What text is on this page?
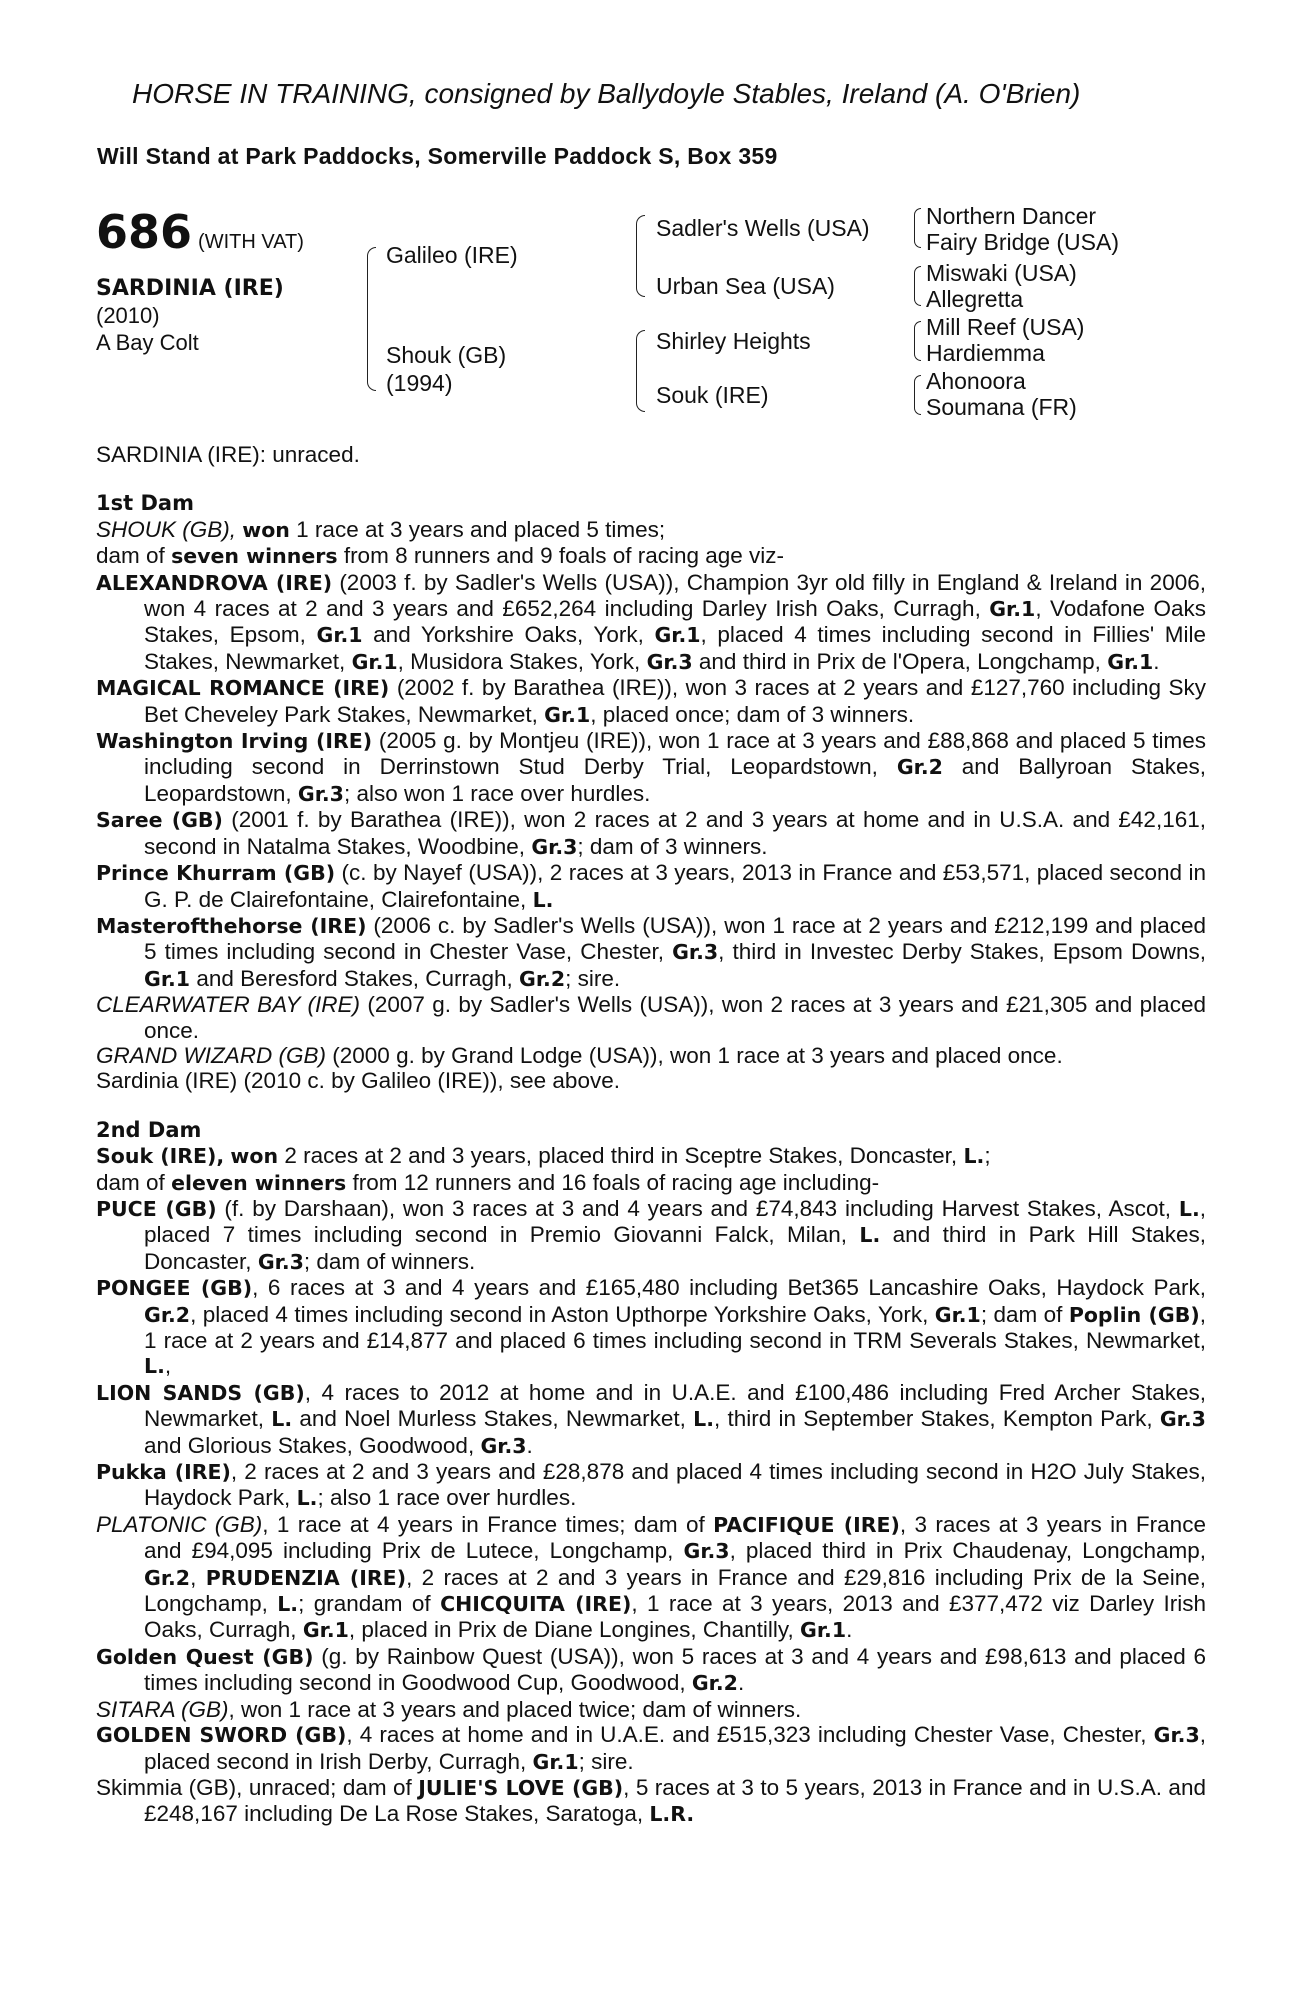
HORSE IN TRAINING, consigned by Ballydoyle Stables, Ireland (A. O'Brien)
Will Stand at Park Paddocks, Somerville Paddock S, Box 359
686 (WITH VAT)
SARDINIA (IRE)
(2010)
A Bay Colt
Galileo (IRE)
Shouk (GB)
(1994)
Sadler's Wells (USA)
Urban Sea (USA)
Shirley Heights
Souk (IRE)
Northern Dancer
Fairy Bridge (USA)
Miswaki (USA)
Allegretta
Mill Reef (USA)
Hardiemma
Ahonoora
Soumana (FR)

SARDINIA (IRE): unraced.

1st Dam

SHOUK (GB), won 1 race at 3 years and placed 5 times;

dam of seven winners from 8 runners and 9 foals of racing age viz-

ALEXANDROVA (IRE) (2003 f. by Sadler's Wells (USA)), Champion 3yr old filly in England & Ireland in 2006, won 4 races at 2 and 3 years and £652,264 including Darley Irish Oaks, Curragh, Gr.1, Vodafone Oaks Stakes, Epsom, Gr.1 and Yorkshire Oaks, York, Gr.1, placed 4 times including second in Fillies' Mile Stakes, Newmarket, Gr.1, Musidora Stakes, York, Gr.3 and third in Prix de l'Opera, Longchamp, Gr.1.

MAGICAL ROMANCE (IRE) (2002 f. by Barathea (IRE)), won 3 races at 2 years and £127,760 including Sky Bet Cheveley Park Stakes, Newmarket, Gr.1, placed once; dam of 3 winners.

Washington Irving (IRE) (2005 g. by Montjeu (IRE)), won 1 race at 3 years and £88,868 and placed 5 times including second in Derrinstown Stud Derby Trial, Leopardstown, Gr.2 and Ballyroan Stakes, Leopardstown, Gr.3; also won 1 race over hurdles.

Saree (GB) (2001 f. by Barathea (IRE)), won 2 races at 2 and 3 years at home and in U.S.A. and £42,161, second in Natalma Stakes, Woodbine, Gr.3; dam of 3 winners.

Prince Khurram (GB) (c. by Nayef (USA)), 2 races at 3 years, 2013 in France and £53,571, placed second in G. P. de Clairefontaine, Clairefontaine, L.

Masterofthehorse (IRE) (2006 c. by Sadler's Wells (USA)), won 1 race at 2 years and £212,199 and placed 5 times including second in Chester Vase, Chester, Gr.3, third in Investec Derby Stakes, Epsom Downs, Gr.1 and Beresford Stakes, Curragh, Gr.2; sire.

CLEARWATER BAY (IRE) (2007 g. by Sadler's Wells (USA)), won 2 races at 3 years and £21,305 and placed once.

GRAND WIZARD (GB) (2000 g. by Grand Lodge (USA)), won 1 race at 3 years and placed once.

Sardinia (IRE) (2010 c. by Galileo (IRE)), see above.

2nd Dam

Souk (IRE), won 2 races at 2 and 3 years, placed third in Sceptre Stakes, Doncaster, L.;

dam of eleven winners from 12 runners and 16 foals of racing age including-

PUCE (GB) (f. by Darshaan), won 3 races at 3 and 4 years and £74,843 including Harvest Stakes, Ascot, L., placed 7 times including second in Premio Giovanni Falck, Milan, L. and third in Park Hill Stakes, Doncaster, Gr.3; dam of winners.

PONGEE (GB), 6 races at 3 and 4 years and £165,480 including Bet365 Lancashire Oaks, Haydock Park, Gr.2, placed 4 times including second in Aston Upthorpe Yorkshire Oaks, York, Gr.1; dam of Poplin (GB), 1 race at 2 years and £14,877 and placed 6 times including second in TRM Severals Stakes, Newmarket, L.,

LION SANDS (GB), 4 races to 2012 at home and in U.A.E. and £100,486 including Fred Archer Stakes, Newmarket, L. and Noel Murless Stakes, Newmarket, L., third in September Stakes, Kempton Park, Gr.3 and Glorious Stakes, Goodwood, Gr.3.

Pukka (IRE), 2 races at 2 and 3 years and £28,878 and placed 4 times including second in H2O July Stakes, Haydock Park, L.; also 1 race over hurdles.

PLATONIC (GB), 1 race at 4 years in France times; dam of PACIFIQUE (IRE), 3 races at 3 years in France and £94,095 including Prix de Lutece, Longchamp, Gr.3, placed third in Prix Chaudenay, Longchamp, Gr.2, PRUDENZIA (IRE), 2 races at 2 and 3 years in France and £29,816 including Prix de la Seine, Longchamp, L.; grandam of CHICQUITA (IRE), 1 race at 3 years, 2013 and £377,472 viz Darley Irish Oaks, Curragh, Gr.1, placed in Prix de Diane Longines, Chantilly, Gr.1.

Golden Quest (GB) (g. by Rainbow Quest (USA)), won 5 races at 3 and 4 years and £98,613 and placed 6 times including second in Goodwood Cup, Goodwood, Gr.2.

SITARA (GB), won 1 race at 3 years and placed twice; dam of winners.

GOLDEN SWORD (GB), 4 races at home and in U.A.E. and £515,323 including Chester Vase, Chester, Gr.3, placed second in Irish Derby, Curragh, Gr.1; sire.

Skimmia (GB), unraced; dam of JULIE'S LOVE (GB), 5 races at 3 to 5 years, 2013 in France and in U.S.A. and £248,167 including De La Rose Stakes, Saratoga, L.R.
